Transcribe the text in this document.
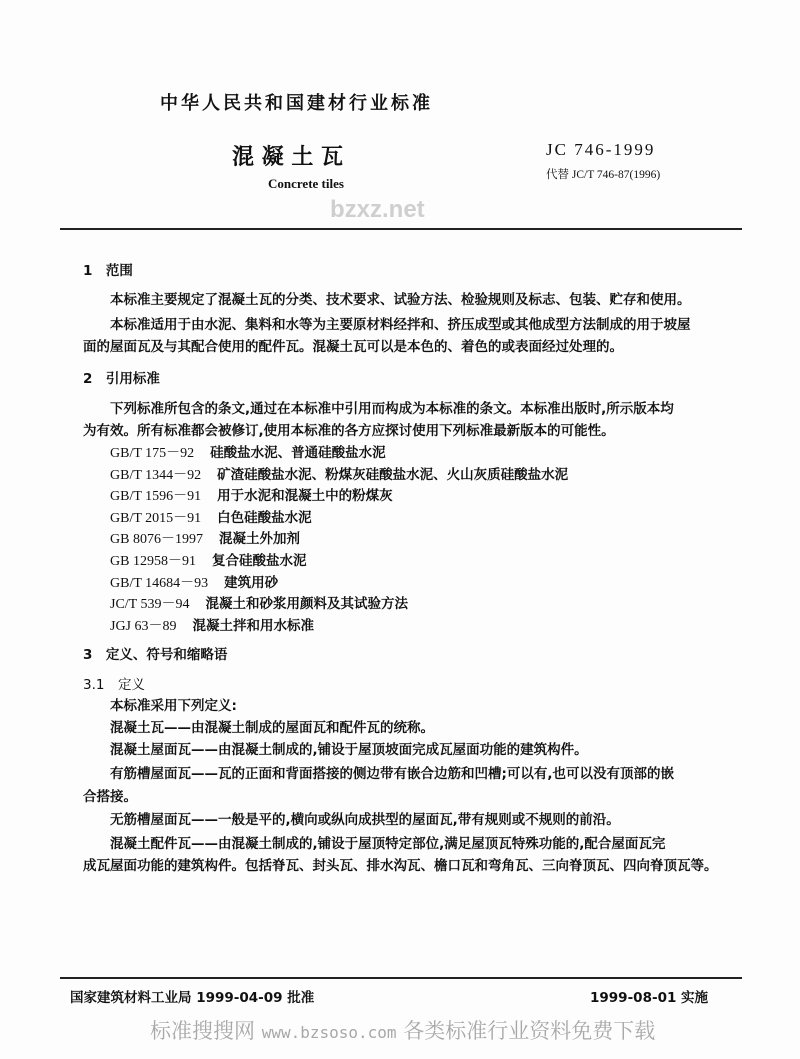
bzxz.net
中华人民共和国建材行业标准
混 凝 土 瓦
Concrete tiles
JC 746-1999
代替 JC/T 746-87(1996)
1　范围
本标准主要规定了混凝土瓦的分类、技术要求、试验方法、检验规则及标志、包装、贮存和使用。
本标准适用于由水泥、集料和水等为主要原材料经拌和、挤压成型或其他成型方法制成的用于坡屋
面的屋面瓦及与其配合使用的配件瓦。混凝土瓦可以是本色的、着色的或表面经过处理的。
2　引用标准
下列标准所包含的条文,通过在本标准中引用而构成为本标准的条文。本标准出版时,所示版本均
为有效。所有标准都会被修订,使用本标准的各方应探讨使用下列标准最新版本的可能性。
3　定义、符号和缩略语
3.1　定义
国家建筑材料工业局 1999-04-09 批准	1999-08-01 实施
标准搜搜网 www.bzsoso.com 各类标准行业资料免费下载
GB/T 175－92 硅酸盐水泥、普通硅酸盐水泥
GB/T 1344－92 矿渣硅酸盐水泥、粉煤灰硅酸盐水泥、火山灰质硅酸盐水泥
GB/T 1596－91 用于水泥和混凝土中的粉煤灰
GB/T 2015－91 白色硅酸盐水泥
GB 8076－1997 混凝土外加剂
GB 12958－91 复合硅酸盐水泥
GB/T 14684－93 建筑用砂
JC/T 539－94 混凝土和砂浆用颜料及其试验方法
JGJ 63－89 混凝土拌和用水标准
本标准采用下列定义:
混凝土瓦——由混凝土制成的屋面瓦和配件瓦的统称。
混凝土屋面瓦——由混凝土制成的,铺设于屋顶坡面完成瓦屋面功能的建筑构件。
有筋槽屋面瓦——瓦的正面和背面搭接的侧边带有嵌合边筋和凹槽;可以有,也可以没有顶部的嵌
合搭接。
无筋槽屋面瓦——一般是平的,横向或纵向成拱型的屋面瓦,带有规则或不规则的前沿。
混凝土配件瓦——由混凝土制成的,铺设于屋顶特定部位,满足屋顶瓦特殊功能的,配合屋面瓦完
成瓦屋面功能的建筑构件。包括脊瓦、封头瓦、排水沟瓦、檐口瓦和弯角瓦、三向脊顶瓦、四向脊顶瓦等。
